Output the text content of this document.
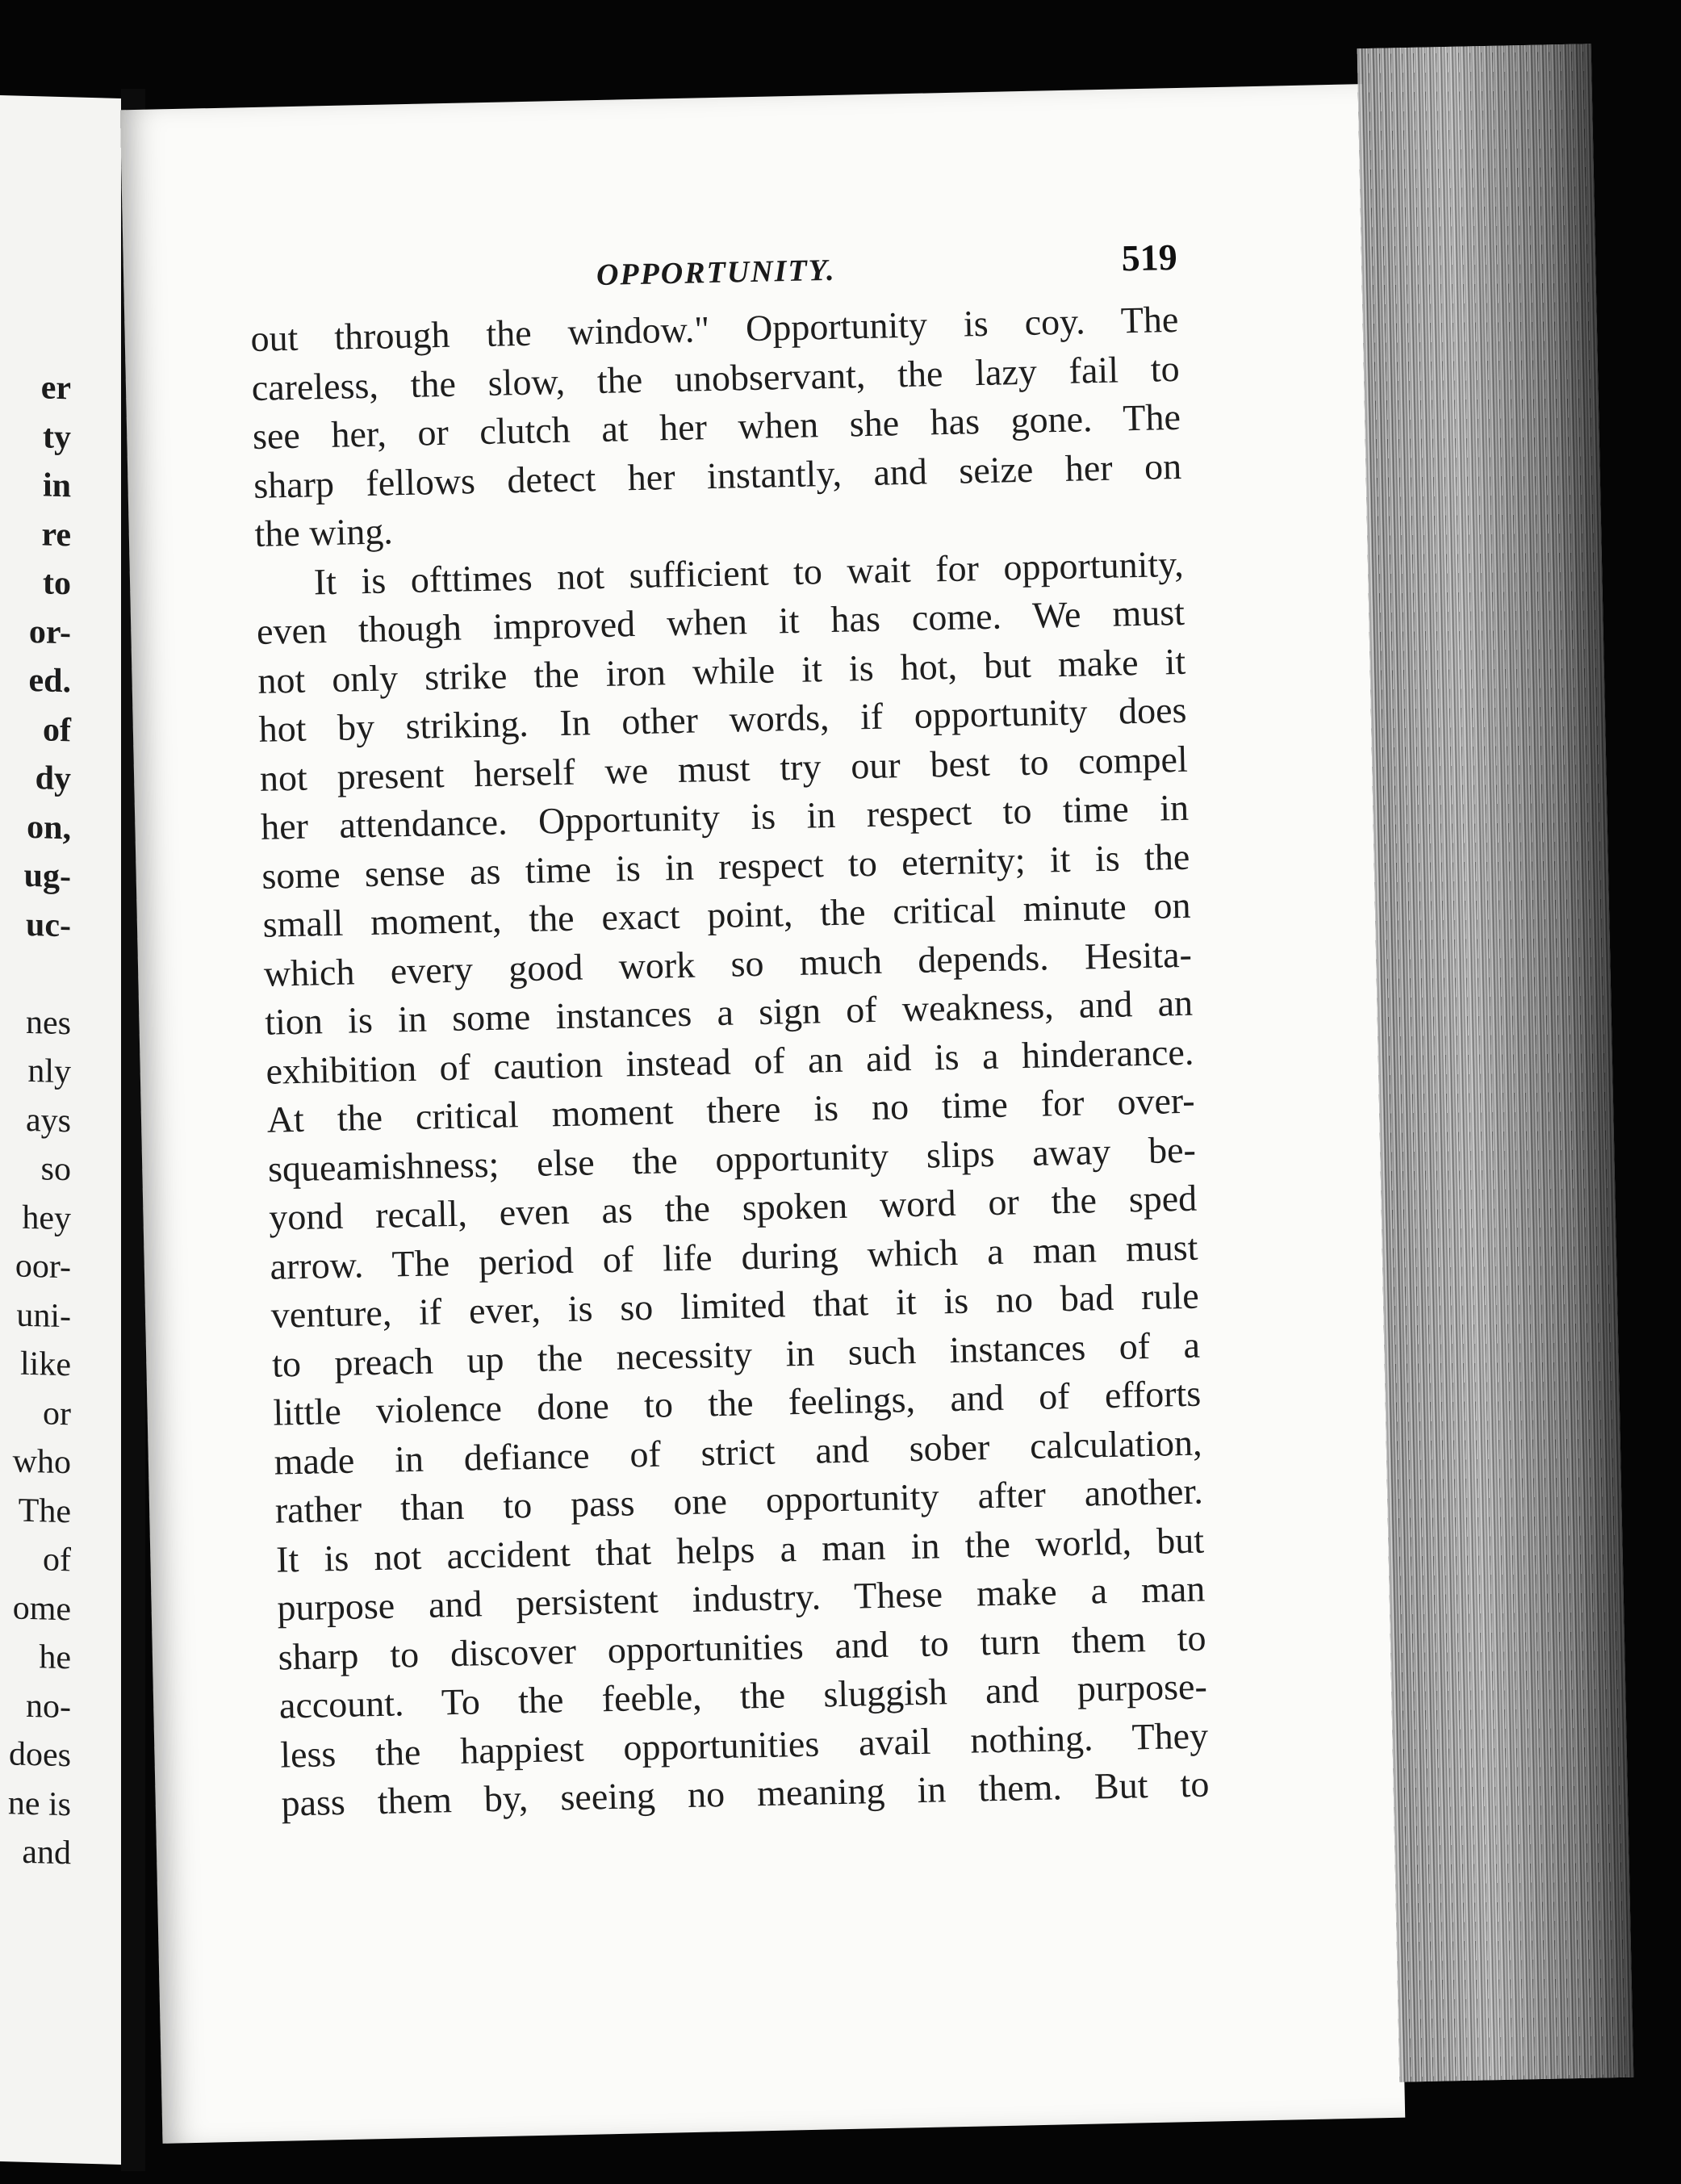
er
ty
in
re
to
or-
ed.
of
dy
on,
ug-
uc-
nes
nly
ays
so
hey
oor-
uni-
like
or
who
The
of
ome
he
no-
does
ne is
and
OPPORTUNITY.	519
out through the window." Opportunity is coy. The
careless, the slow, the unobservant, the lazy fail to
see her, or clutch at her when she has gone. The
sharp fellows detect her instantly, and seize her on
the wing.
It is ofttimes not sufficient to wait for opportunity,
even though improved when it has come. We must
not only strike the iron while it is hot, but make it
hot by striking. In other words, if opportunity does
not present herself we must try our best to compel
her attendance. Opportunity is in respect to time in
some sense as time is in respect to eternity; it is the
small moment, the exact point, the critical minute on
which every good work so much depends. Hesita-
tion is in some instances a sign of weakness, and an
exhibition of caution instead of an aid is a hinderance.
At the critical moment there is no time for over-
squeamishness; else the opportunity slips away be-
yond recall, even as the spoken word or the sped
arrow. The period of life during which a man must
venture, if ever, is so limited that it is no bad rule
to preach up the necessity in such instances of a
little violence done to the feelings, and of efforts
made in defiance of strict and sober calculation,
rather than to pass one opportunity after another.
It is not accident that helps a man in the world, but
purpose and persistent industry. These make a man
sharp to discover opportunities and to turn them to
account. To the feeble, the sluggish and purpose-
less the happiest opportunities avail nothing. They
pass them by, seeing no meaning in them. But to
